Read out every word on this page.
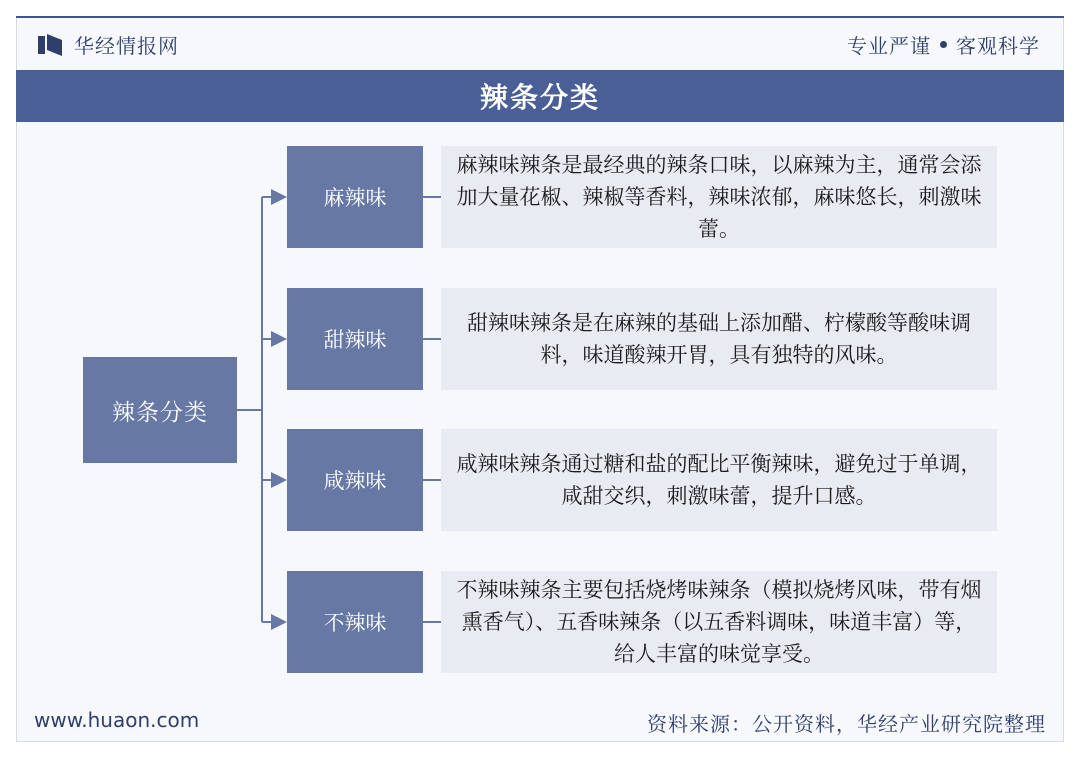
华经情报网	专业严谨 客观科学
辣条分类
辣条分类
麻辣味
麻辣味辣条是最经典的辣条口味，以麻辣为主，通常会添加大量花椒、辣椒等香料，辣味浓郁，麻味悠长，刺激味蕾。
甜辣味
甜辣味辣条是在麻辣的基础上添加醋、柠檬酸等酸味调料，味道酸辣开胃，具有独特的风味。
咸辣味
咸辣味辣条通过糖和盐的配比平衡辣味，避免过于单调，咸甜交织，刺激味蕾，提升口感。
不辣味
不辣味辣条主要包括烧烤味辣条（模拟烧烤风味，带有烟熏香气）、五香味辣条（以五香料调味，味道丰富）等，给人丰富的味觉享受。
www.huaon.com	资料来源：公开资料，华经产业研究院整理
